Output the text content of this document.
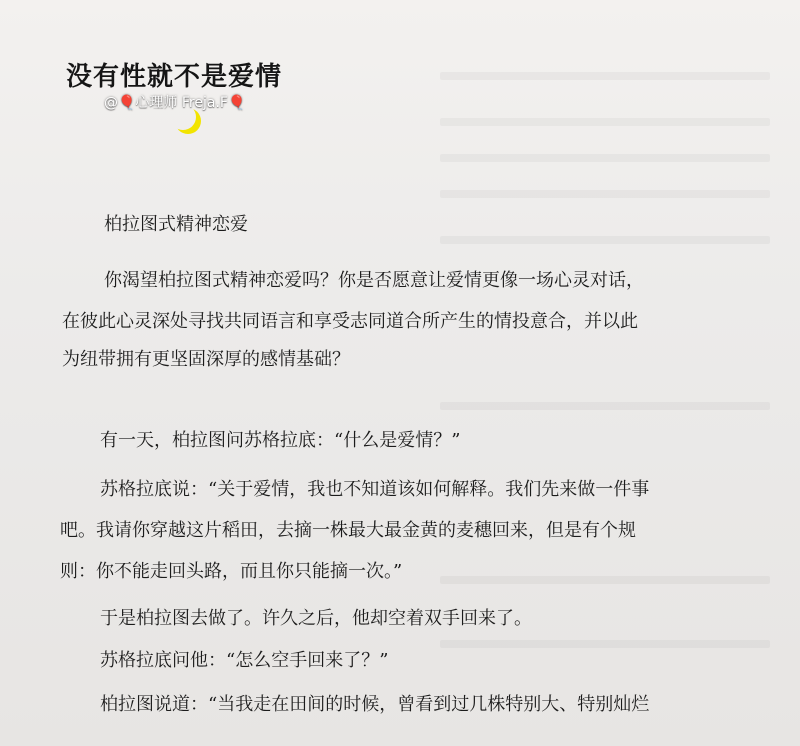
没有性就不是爱情
@🎈心理师 Freja.F🎈
柏拉图式精神恋爱
你渴望柏拉图式精神恋爱吗？你是否愿意让爱情更像一场心灵对话，
在彼此心灵深处寻找共同语言和享受志同道合所产生的情投意合，并以此
为纽带拥有更坚固深厚的感情基础？
有一天，柏拉图问苏格拉底：“什么是爱情？”
苏格拉底说：“关于爱情，我也不知道该如何解释。我们先来做一件事
吧。我请你穿越这片稻田，去摘一株最大最金黄的麦穗回来，但是有个规
则：你不能走回头路，而且你只能摘一次。”
于是柏拉图去做了。许久之后，他却空着双手回来了。
苏格拉底问他：“怎么空手回来了？”
柏拉图说道：“当我走在田间的时候，曾看到过几株特别大、特别灿烂
